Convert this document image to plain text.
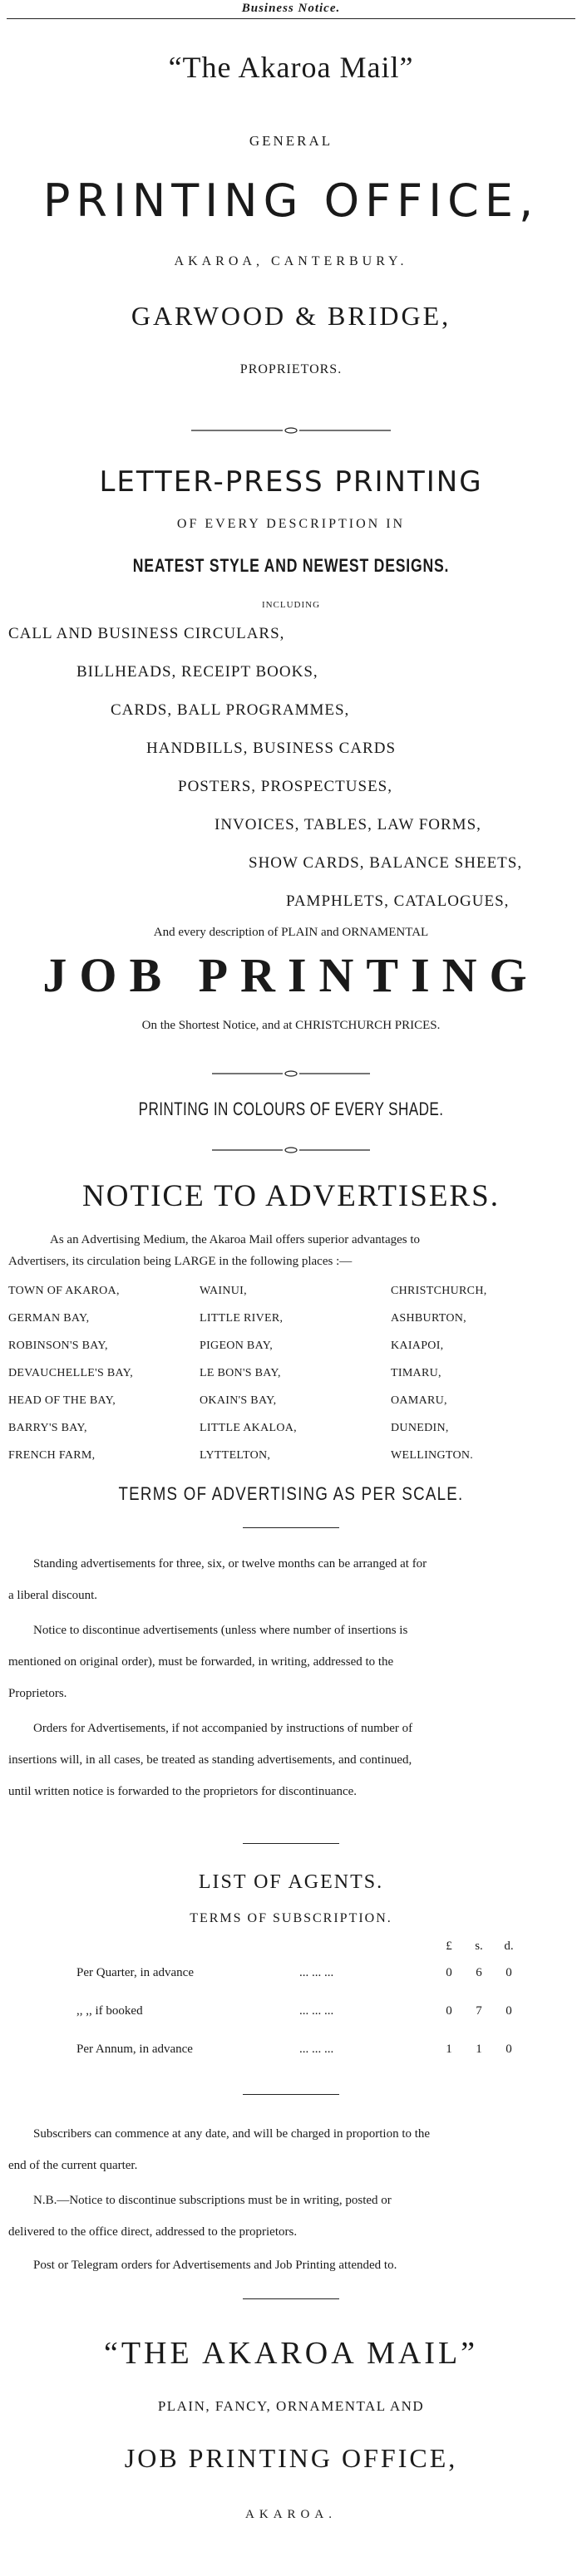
Business Notice.
“The Akaroa Mail”
GENERAL
PRINTING OFFICE,
AKAROA, CANTERBURY.
GARWOOD & BRIDGE,
PROPRIETORS.
LETTER-PRESS PRINTING
OF EVERY DESCRIPTION IN
NEATEST STYLE AND NEWEST DESIGNS.
INCLUDING
CALL AND BUSINESS CIRCULARS,
BILLHEADS, RECEIPT BOOKS,
CARDS, BALL PROGRAMMES,
HANDBILLS, BUSINESS CARDS
POSTERS, PROSPECTUSES,
INVOICES, TABLES, LAW FORMS,
SHOW CARDS, BALANCE SHEETS,
PAMPHLETS, CATALOGUES,
And every description of PLAIN and ORNAMENTAL
JOB PRINTING
On the Shortest Notice, and at CHRISTCHURCH PRICES.
PRINTING IN COLOURS OF EVERY SHADE.
NOTICE TO ADVERTISERS.
As an Advertising Medium, the Akaroa Mail offers superior advantages to
Advertisers, its circulation being LARGE in the following places :—
TOWN OF AKAROA,	WAINUI,	CHRISTCHURCH,
GERMAN BAY,	LITTLE RIVER,	ASHBURTON,
ROBINSON'S BAY,	PIGEON BAY,	KAIAPOI,
DEVAUCHELLE'S BAY,	LE BON'S BAY,	TIMARU,
HEAD OF THE BAY,	OKAIN'S BAY,	OAMARU,
BARRY'S BAY,	LITTLE AKALOA,	DUNEDIN,
FRENCH FARM,	LYTTELTON,	WELLINGTON.
TERMS OF ADVERTISING AS PER SCALE.
Standing advertisements for three, six, or twelve months can be arranged at for
a liberal discount.
Notice to discontinue advertisements (unless where number of insertions is
mentioned on original order), must be forwarded, in writing, addressed to the
Proprietors.
Orders for Advertisements, if not accompanied by instructions of number of
insertions will, in all cases, be treated as standing advertisements, and continued,
until written notice is forwarded to the proprietors for discontinuance.
LIST OF AGENTS.
TERMS OF SUBSCRIPTION.
£	s.	d.
Per Quarter, in advance	... ... ...	0	6	0
,, ,, if booked	... ... ...	0	7	0
Per Annum, in advance	... ... ...	1	1	0
Subscribers can commence at any date, and will be charged in proportion to the
end of the current quarter.
N.B.—Notice to discontinue subscriptions must be in writing, posted or
delivered to the office direct, addressed to the proprietors.
Post or Telegram orders for Advertisements and Job Printing attended to.
“THE AKAROA MAIL”
PLAIN, FANCY, ORNAMENTAL AND
JOB PRINTING OFFICE,
AKAROA.
